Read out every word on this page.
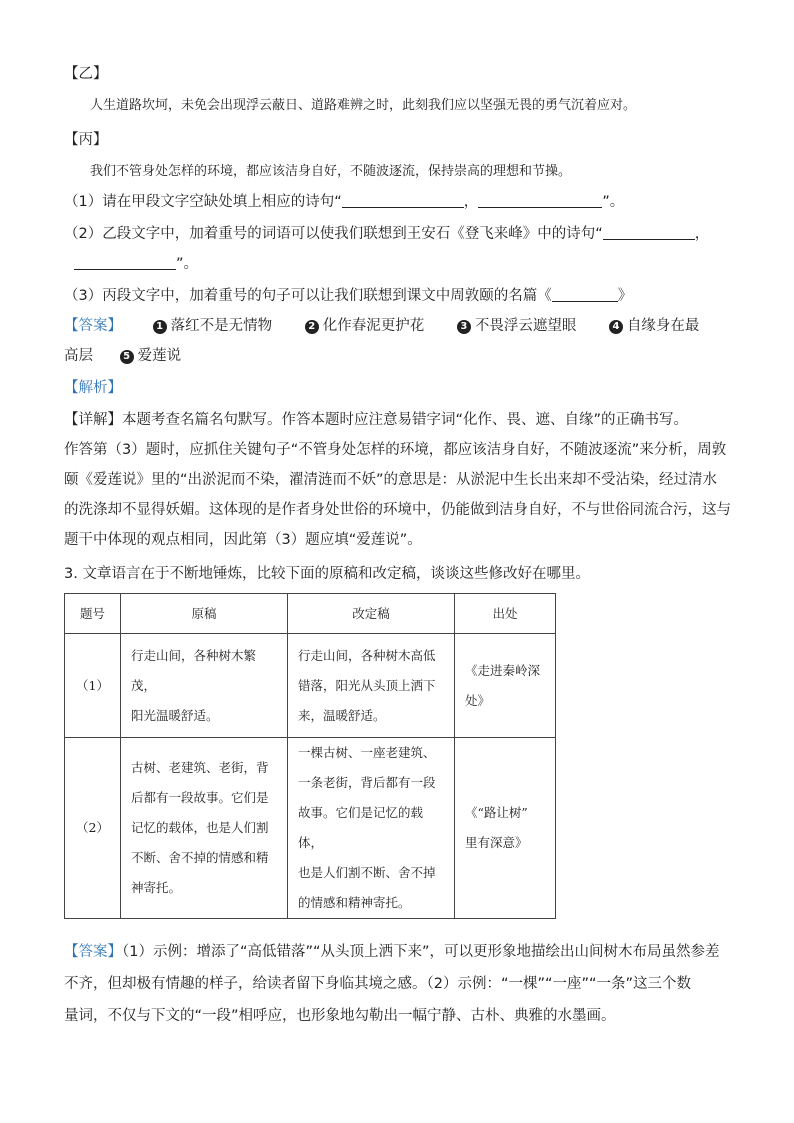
【乙】
人生道路坎坷，未免会出现浮云蔽日、道路难辨之时，此刻我们应以坚强无畏的勇气沉着应对。
【丙】
我们不管身处怎样的环境，都应该洁身自好，不随波逐流，保持崇高的理想和节操。
（1）请在甲段文字空缺处填上相应的诗句“	，	”。
（2）乙段文字中，加着重号的词语可以使我们联想到王安石《登飞来峰》中的诗句“	，
”。
（3）丙段文字中，加着重号的句子可以让我们联想到课文中周敦颐的名篇《	》
【答案】	1 落红不是无情物	2 化作春泥更护花	3 不畏浮云遮望眼	4 自缘身在最
高层	5 爱莲说
【解析】
【详解】本题考查名篇名句默写。作答本题时应注意易错字词“化作、畏、遮、自缘”的正确书写。
作答第（3）题时，应抓住关键句子“不管身处怎样的环境，都应该洁身自好，不随波逐流”来分析，周敦
颐《爱莲说》里的“出淤泥而不染，濯清涟而不妖”的意思是：从淤泥中生长出来却不受沾染，经过清水
的洗涤却不显得妖媚。这体现的是作者身处世俗的环境中，仍能做到洁身自好，不与世俗同流合污，这与
题干中体现的观点相同，因此第（3）题应填“爱莲说”。
3. 文章语言在于不断地锤炼，比较下面的原稿和改定稿，谈谈这些修改好在哪里。
题号	原稿	改定稿	出处
（1）	行走山间，各种树木繁茂，
阳光温暖舒适。	行走山间，各种树木高低
错落，阳光从头顶上洒下
来，温暖舒适。	《走进秦岭深
处》

（2）	古树、老建筑、老街，背
后都有一段故事。它们是
记忆的载体，也是人们割
不断、舍不掉的情感和精
神寄托。	一棵古树、一座老建筑、
一条老街，背后都有一段
故事。它们是记忆的载体，
也是人们割不断、舍不掉
的情感和精神寄托。	《“路让树”
里有深意》
【答案】（1）示例：增添了“高低错落”“从头顶上洒下来”，可以更形象地描绘出山间树木布局虽然参差
不齐，但却极有情趣的样子，给读者留下身临其境之感。（2）示例：“一棵”“一座”“一条”这三个数
量词，不仅与下文的“一段”相呼应，也形象地勾勒出一幅宁静、古朴、典雅的水墨画。
